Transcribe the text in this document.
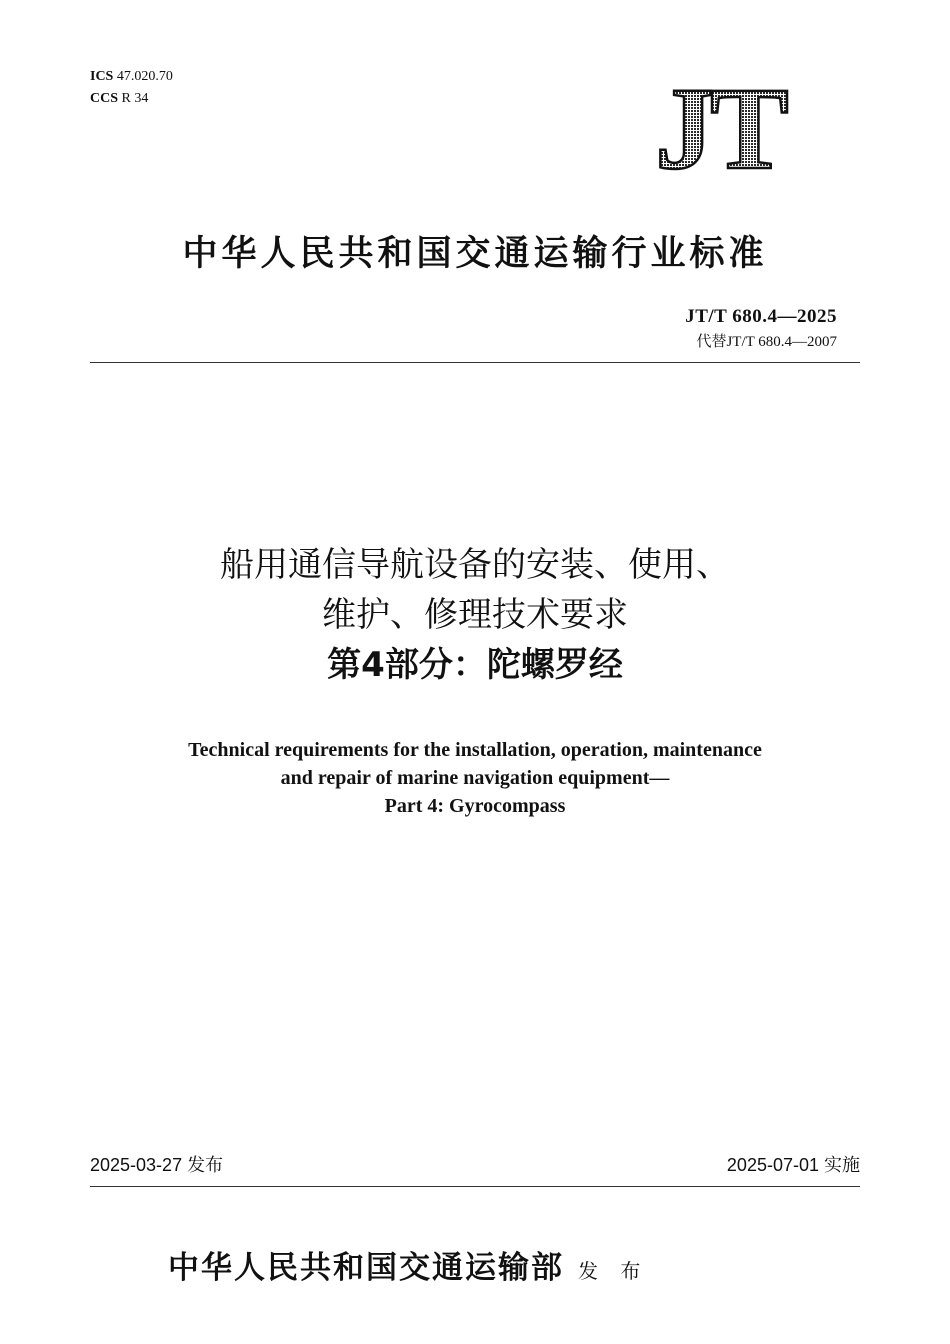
ICS 47.020.70
CCS R 34	JT
中华人民共和国交通运输行业标准
JT/T 680.4—2025
代替JT/T 680.4—2007
船用通信导航设备的安装、使用、
维护、修理技术要求
第4部分：陀螺罗经
Technical requirements for the installation, operation, maintenance
and repair of marine navigation equipment—
Part 4: Gyrocompass
2025-03-27 发布	2025-07-01 实施
中华人民共和国交通运输部 发 布
